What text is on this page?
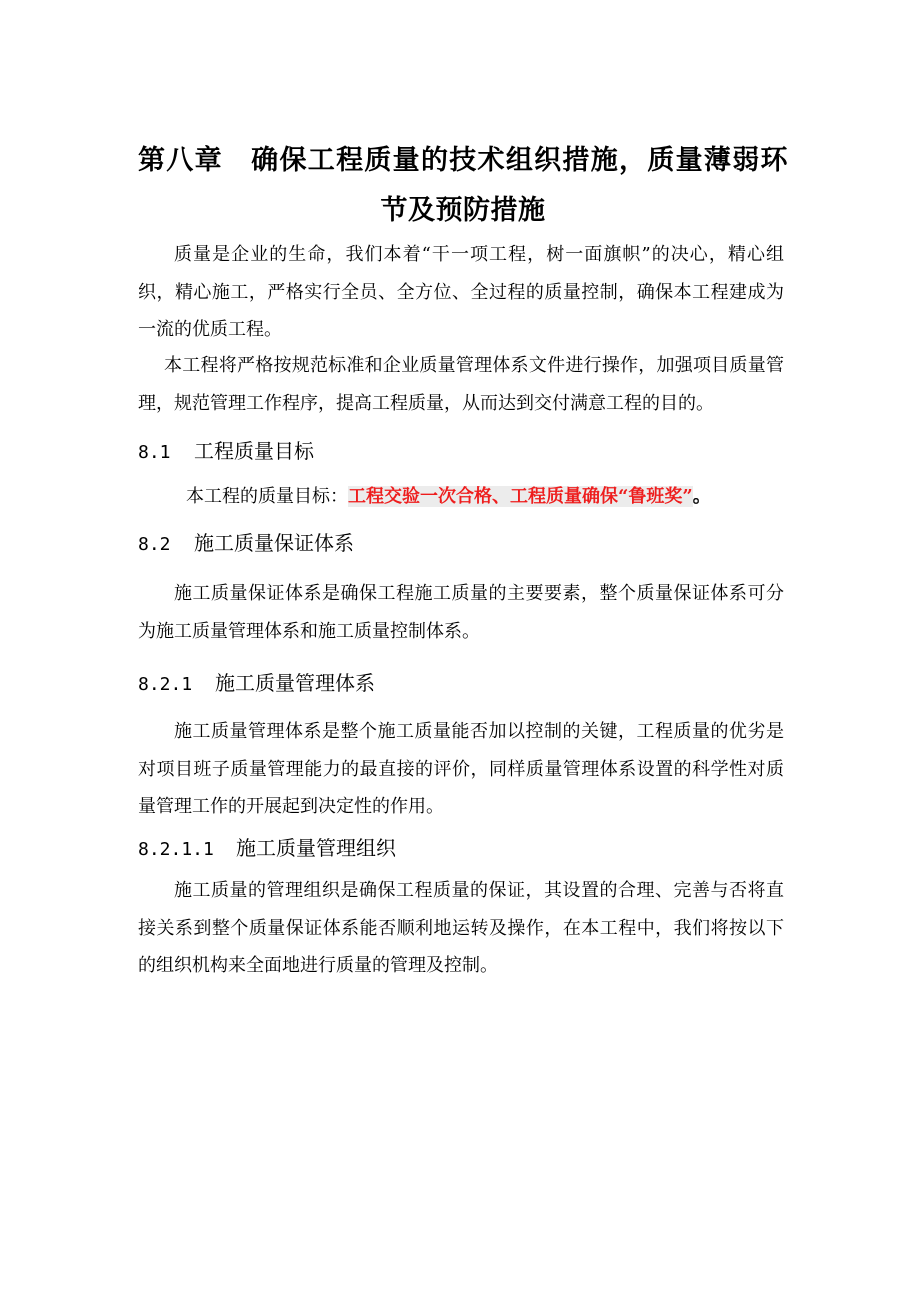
第八章　确保工程质量的技术组织措施，质量薄弱环节及预防措施

质量是企业的生命，我们本着“干一项工程，树一面旗帜”的决心，精心组织，精心施工，严格实行全员、全方位、全过程的质量控制，确保本工程建成为一流的优质工程。

本工程将严格按规范标准和企业质量管理体系文件进行操作，加强项目质量管理，规范管理工作程序，提高工程质量，从而达到交付满意工程的目的。

8.1 工程质量目标
本工程的质量目标：工程交验一次合格、工程质量确保“鲁班奖”。
8.2 施工质量保证体系

施工质量保证体系是确保工程施工质量的主要要素，整个质量保证体系可分为施工质量管理体系和施工质量控制体系。

8.2.1 施工质量管理体系

施工质量管理体系是整个施工质量能否加以控制的关键，工程质量的优劣是对项目班子质量管理能力的最直接的评价，同样质量管理体系设置的科学性对质量管理工作的开展起到决定性的作用。

8.2.1.1 施工质量管理组织

施工质量的管理组织是确保工程质量的保证，其设置的合理、完善与否将直接关系到整个质量保证体系能否顺利地运转及操作，在本工程中，我们将按以下的组织机构来全面地进行质量的管理及控制。
